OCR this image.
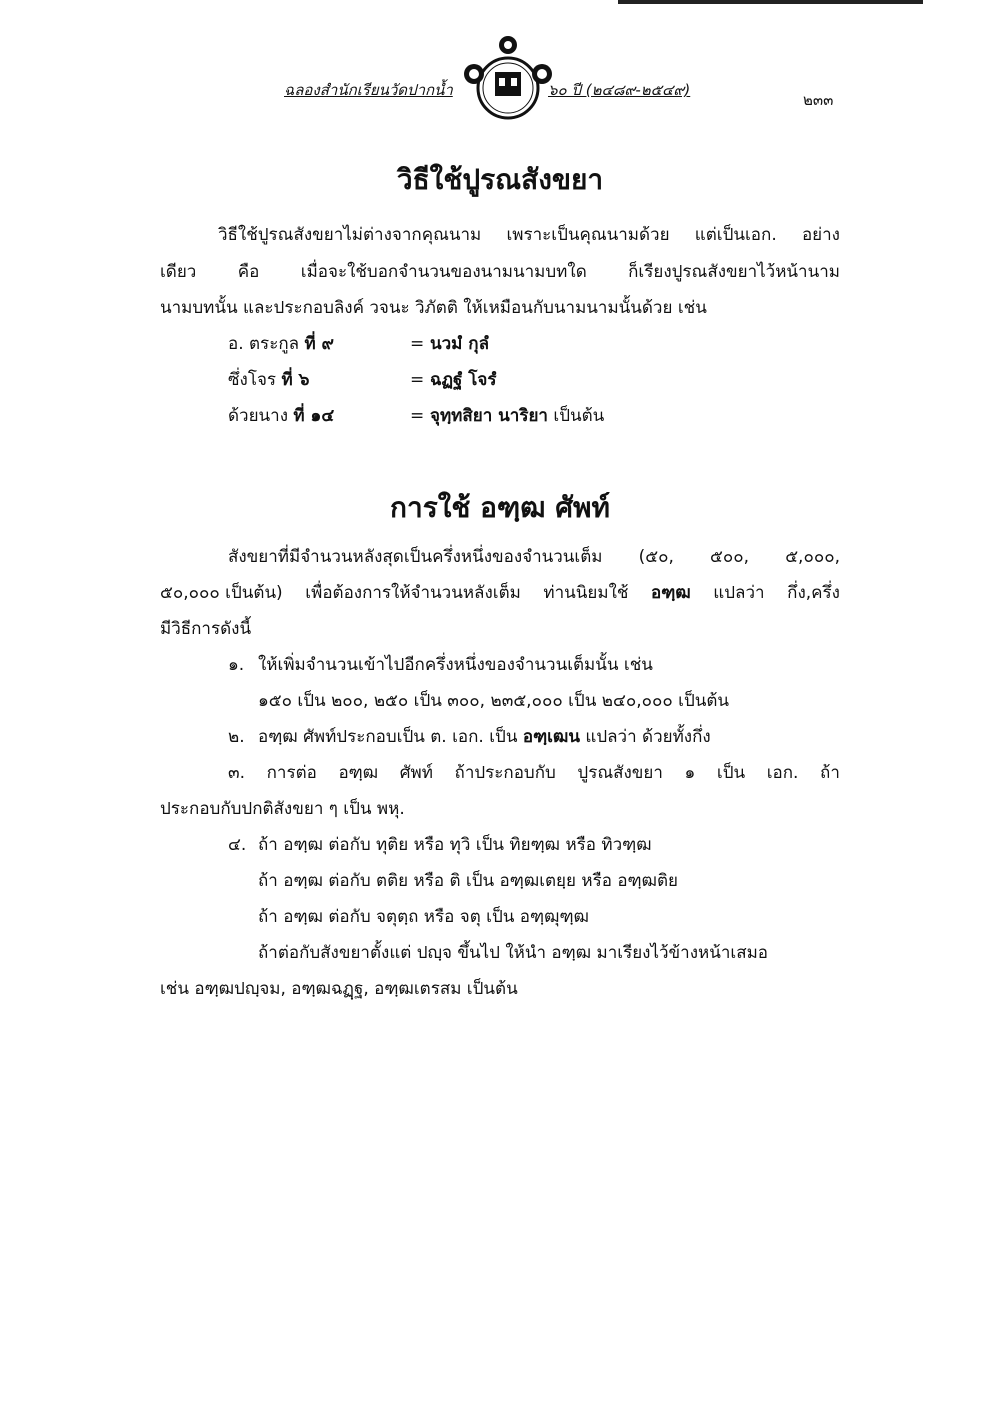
ฉลองสำนักเรียนวัดปากน้ำ	๖๐ ปี (๒๔๘๙-๒๕๔๙)
๒๓๓
วิธีใช้ปูรณสังขยา
วิธีใช้ปูรณสังขยาไม่ต่างจากคุณนาม เพราะเป็นคุณนามด้วย แต่เป็นเอก. อย่าง
เดียว คือ เมื่อจะใช้บอกจำนวนของนามนามบทใด ก็เรียงปูรณสังขยาไว้หน้านาม
นามบทนั้น และประกอบลิงค์ วจนะ วิภัตติ ให้เหมือนกับนามนามนั้นด้วย เช่น
อ. ตระกูล ที่ ๙	= นวมํ กุลํ
ซึ่งโจร ที่ ๖	= ฉฏฐํ โจรํ
ด้วยนาง ที่ ๑๔	= จุทฺทสิยา นาริยา เป็นต้น
การใช้ อฑฺฒ ศัพท์
สังขยาที่มีจำนวนหลังสุดเป็นครึ่งหนึ่งของจำนวนเต็ม (๕๐, ๕๐๐, ๕,๐๐๐,
๕๐,๐๐๐ เป็นต้น) เพื่อต้องการให้จำนวนหลังเต็ม ท่านนิยมใช้ อฑฺฒ แปลว่า กึ่ง,ครึ่ง
มีวิธีการดังนี้
๑. ให้เพิ่มจำนวนเข้าไปอีกครึ่งหนึ่งของจำนวนเต็มนั้น เช่น
๑๕๐ เป็น ๒๐๐, ๒๕๐ เป็น ๓๐๐, ๒๓๕,๐๐๐ เป็น ๒๔๐,๐๐๐ เป็นต้น
๒. อฑฺฒ ศัพท์ประกอบเป็น ต. เอก. เป็น อฑฺเฒน แปลว่า ด้วยทั้งกึ่ง
๓. การต่อ อฑฺฒ ศัพท์ ถ้าประกอบกับ ปูรณสังขยา ๑ เป็น เอก. ถ้า
ประกอบกับปกติสังขยา ๆ เป็น พหุ.
๔. ถ้า อฑฺฒ ต่อกับ ทุติย หรือ ทุวิ เป็น ทิยฑฺฒ หรือ ทิวฑฺฒ
ถ้า อฑฺฒ ต่อกับ ตติย หรือ ติ เป็น อฑฺฒเตยฺย หรือ อฑฺฒติย
ถ้า อฑฺฒ ต่อกับ จตุตฺถ หรือ จตุ เป็น อฑฺฒุฑฺฒ
ถ้าต่อกับสังขยาตั้งแต่ ปญฺจ ขึ้นไป ให้นำ อฑฺฒ มาเรียงไว้ข้างหน้าเสมอ
เช่น อฑฺฒปญฺจม, อฑฺฒฉฏฺฐ, อฑฺฒเตรสม เป็นต้น
